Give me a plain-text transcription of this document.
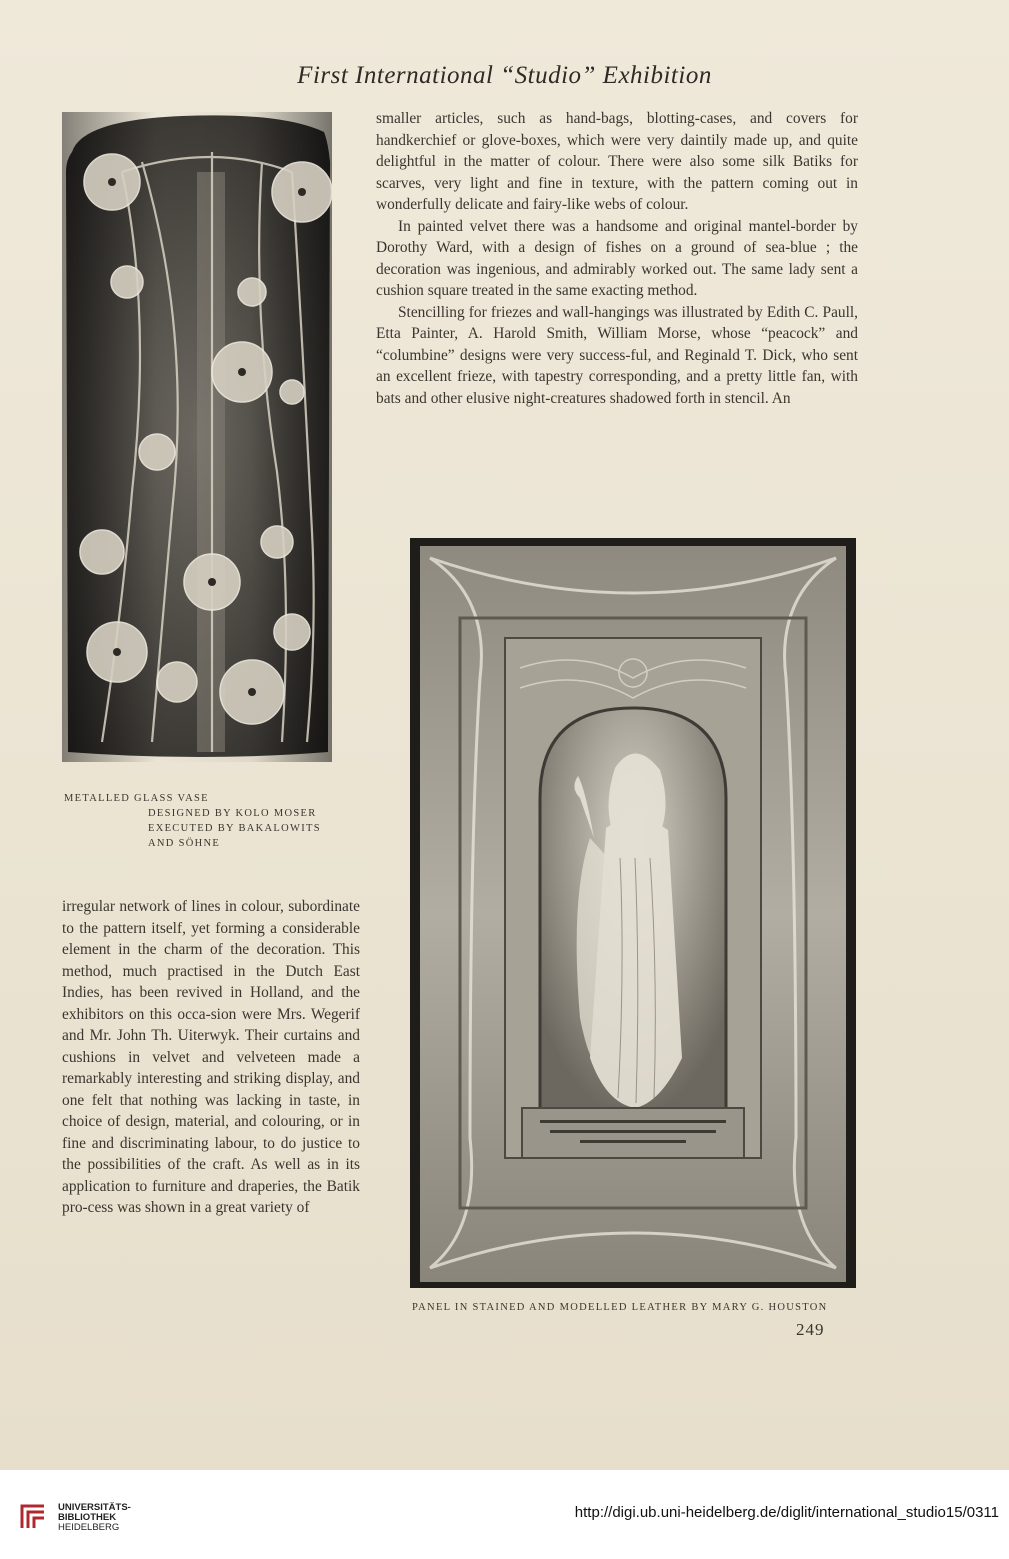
First International “Studio” Exhibition
METALLED GLASS VASE
DESIGNED BY KOLO MOSER
EXECUTED BY BAKALOWITS
AND SÖHNE

smaller articles, such as hand-bags, blotting-cases, and covers for handkerchief or glove-boxes, which were very daintily made up, and quite delightful in the matter of colour. There were also some silk Batiks for scarves, very light and fine in texture, with the pattern coming out in wonderfully delicate and fairy-like webs of colour.

In painted velvet there was a handsome and original mantel-border by Dorothy Ward, with a design of fishes on a ground of sea-blue ; the decoration was ingenious, and admirably worked out. The same lady sent a cushion square treated in the same exacting method.

Stencilling for friezes and wall-hangings was illustrated by Edith C. Paull, Etta Painter, A. Harold Smith, William Morse, whose “peacock” and “columbine” designs were very success-ful, and Reginald T. Dick, who sent an excellent frieze, with tapestry corresponding, and a pretty little fan, with bats and other elusive night-creatures shadowed forth in stencil. An

PANEL IN STAINED AND MODELLED LEATHER BY MARY G. HOUSTON
249

irregular network of lines in colour, subordinate to the pattern itself, yet forming a considerable element in the charm of the decoration. This method, much practised in the Dutch East Indies, has been revived in Holland, and the exhibitors on this occa-sion were Mrs. Wegerif and Mr. John Th. Uiterwyk. Their curtains and cushions in velvet and velveteen made a remarkably interesting and striking display, and one felt that nothing was lacking in taste, in choice of design, material, and colouring, or in fine and discriminating labour, to do justice to the possibilities of the craft. As well as in its application to furniture and draperies, the Batik pro-cess was shown in a great variety of

UNIVERSITÄTS-
BIBLIOTHEK
HEIDELBERG
http://digi.ub.uni-heidelberg.de/diglit/international_studio15/0311
